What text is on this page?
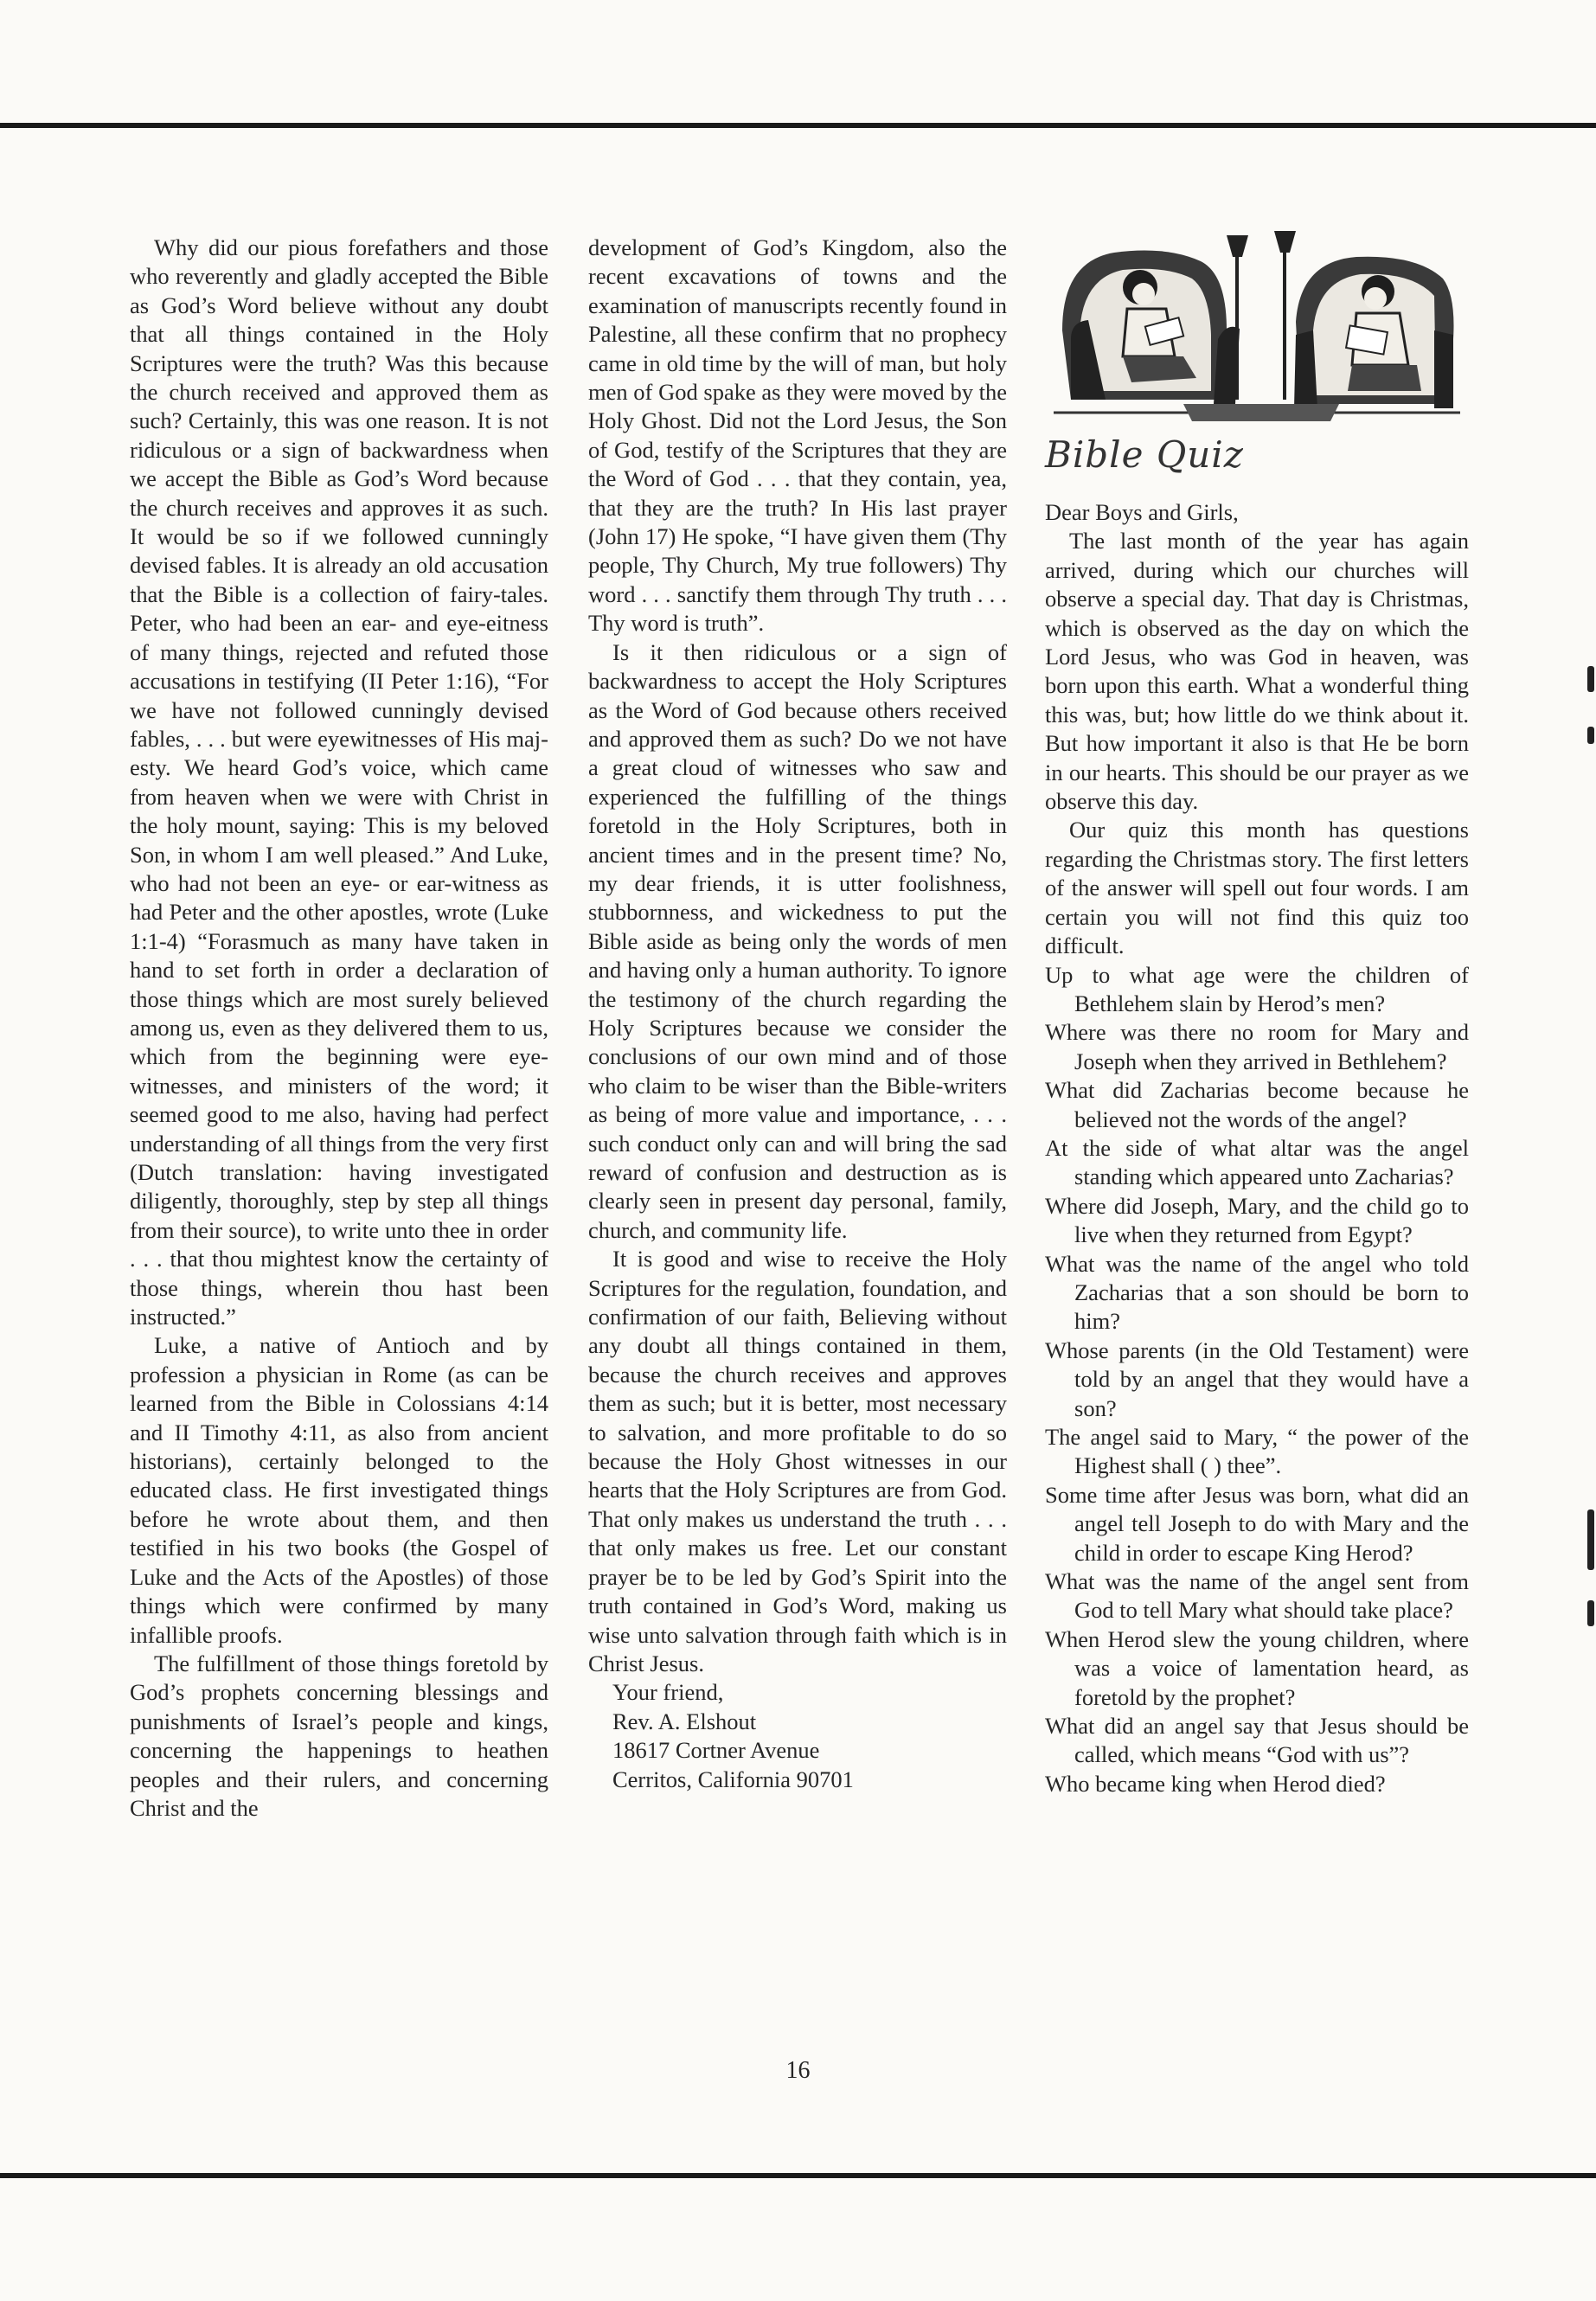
Why did our pious forefathers and those who reverently and gladly accepted the Bible as God’s Word believe without any doubt that all things contained in the Holy Scriptures were the truth? Was this because the church received and approved them as such? Certainly, this was one reason. It is not ridiculous or a sign of backwardness when we accept the Bible as God’s Word because the church receives and approves it as such. It would be so if we followed cunningly devised fables. It is already an old accusation that the Bible is a collection of fairy-tales. Peter, who had been an ear- and eye-eitness of many things, rejected and refuted those accusations in testifying (II Peter 1:16), “For we have not followed cunningly devised fables, . . . but were eyewitnesses of His majesty. We heard God’s voice, which came from heaven when we were with Christ in the holy mount, saying: This is my beloved Son, in whom I am well pleased.” And Luke, who had not been an eye- or ear-witness as had Peter and the other apostles, wrote (Luke 1:1-4) “Forasmuch as many have taken in hand to set forth in order a declaration of those things which are most surely believed among us, even as they delivered them to us, which from the beginning were eyewitnesses, and ministers of the word; it seemed good to me also, having had perfect understanding of all things from the very first (Dutch translation: having investigated diligently, thoroughly, step by step all things from their source), to write unto thee in order . . . that thou mightest know the certainty of those things, wherein thou hast been instructed.”

Luke, a native of Antioch and by profession a physician in Rome (as can be learned from the Bible in Colossians 4:14 and II Timothy 4:11, as also from ancient historians), certainly belonged to the educated class. He first investigated things before he wrote about them, and then testified in his two books (the Gospel of Luke and the Acts of the Apostles) of those things which were confirmed by many infallible proofs.

The fulfillment of those things foretold by God’s prophets concerning blessings and punishments of Israel’s people and kings, concerning the happenings to heathen peoples and their rulers, and concerning Christ and the

development of God’s Kingdom, also the recent excavations of towns and the examination of manuscripts recently found in Palestine, all these confirm that no prophecy came in old time by the will of man, but holy men of God spake as they were moved by the Holy Ghost. Did not the Lord Jesus, the Son of God, testify of the Scriptures that they are the Word of God . . . that they contain, yea, that they are the truth? In His last prayer (John 17) He spoke, “I have given them (Thy people, Thy Church, My true followers) Thy word . . . sanctify them through Thy truth . . . Thy word is truth”.

Is it then ridiculous or a sign of backwardness to accept the Holy Scriptures as the Word of God because others received and approved them as such? Do we not have a great cloud of witnesses who saw and experienced the fulfilling of the things foretold in the Holy Scriptures, both in ancient times and in the present time? No, my dear friends, it is utter foolishness, stubbornness, and wickedness to put the Bible aside as being only the words of men and having only a human authority. To ignore the testimony of the church regarding the Holy Scriptures because we consider the conclusions of our own mind and of those who claim to be wiser than the Bible-writers as being of more value and importance, . . . such conduct only can and will bring the sad reward of confusion and destruction as is clearly seen in present day personal, family, church, and community life.

It is good and wise to receive the Holy Scriptures for the regulation, foundation, and confirmation of our faith, Believing without any doubt all things contained in them, because the church receives and approves them as such; but it is better, most necessary to salvation, and more profitable to do so because the Holy Ghost witnesses in our hearts that the Holy Scriptures are from God. That only makes us understand the truth . . . that only makes us free. Let our constant prayer be to be led by God’s Spirit into the truth contained in God’s Word, making us wise unto salvation through faith which is in Christ Jesus.

Your friend,

Rev. A. Elshout

18617 Cortner Avenue

Cerritos, California 90701

Bible Quiz

Dear Boys and Girls,

The last month of the year has again arrived, during which our churches will observe a special day. That day is Christmas, which is observed as the day on which the Lord Jesus, who was God in heaven, was born upon this earth. What a wonderful thing this was, but; how little do we think about it. But how important it also is that He be born in our hearts. This should be our prayer as we observe this day.

Our quiz this month has questions regarding the Christmas story. The first letters of the answer will spell out four words. I am certain you will not find this quiz too difficult.

Up to what age were the children of Bethlehem slain by Herod’s men?
Where was there no room for Mary and Joseph when they arrived in Bethlehem?
What did Zacharias become because he believed not the words of the angel?
At the side of what altar was the angel standing which appeared unto Zacharias?
Where did Joseph, Mary, and the child go to live when they returned from Egypt?
What was the name of the angel who told Zacharias that a son should be born to him?
Whose parents (in the Old Testament) were told by an angel that they would have a son?
The angel said to Mary, “ the power of the Highest shall ( ) thee”.
Some time after Jesus was born, what did an angel tell Joseph to do with Mary and the child in order to escape King Herod?
What was the name of the angel sent from God to tell Mary what should take place?
When Herod slew the young children, where was a voice of lamentation heard, as foretold by the prophet?
What did an angel say that Jesus should be called, which means “God with us”?
Who became king when Herod died?
16
